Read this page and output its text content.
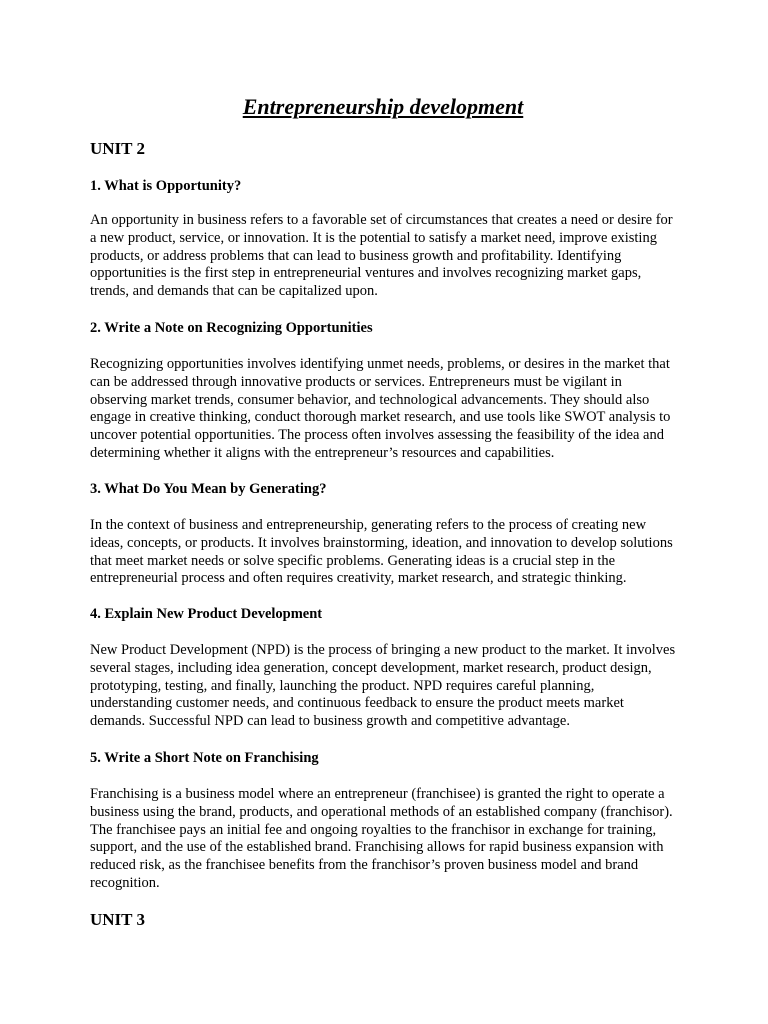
Entrepreneurship development
UNIT 2
1. What is Opportunity?

An opportunity in business refers to a favorable set of circumstances that creates a need or desire for a new product, service, or innovation. It is the potential to satisfy a market need, improve existing products, or address problems that can lead to business growth and profitability. Identifying opportunities is the first step in entrepreneurial ventures and involves recognizing market gaps, trends, and demands that can be capitalized upon.

2. Write a Note on Recognizing Opportunities

Recognizing opportunities involves identifying unmet needs, problems, or desires in the market that can be addressed through innovative products or services. Entrepreneurs must be vigilant in observing market trends, consumer behavior, and technological advancements. They should also engage in creative thinking, conduct thorough market research, and use tools like SWOT analysis to uncover potential opportunities. The process often involves assessing the feasibility of the idea and determining whether it aligns with the entrepreneur’s resources and capabilities.

3. What Do You Mean by Generating?

In the context of business and entrepreneurship, generating refers to the process of creating new ideas, concepts, or products. It involves brainstorming, ideation, and innovation to develop solutions that meet market needs or solve specific problems. Generating ideas is a crucial step in the entrepreneurial process and often requires creativity, market research, and strategic thinking.

4. Explain New Product Development

New Product Development (NPD) is the process of bringing a new product to the market. It involves several stages, including idea generation, concept development, market research, product design, prototyping, testing, and finally, launching the product. NPD requires careful planning, understanding customer needs, and continuous feedback to ensure the product meets market demands. Successful NPD can lead to business growth and competitive advantage.

5. Write a Short Note on Franchising

Franchising is a business model where an entrepreneur (franchisee) is granted the right to operate a business using the brand, products, and operational methods of an established company (franchisor). The franchisee pays an initial fee and ongoing royalties to the franchisor in exchange for training, support, and the use of the established brand. Franchising allows for rapid business expansion with reduced risk, as the franchisee benefits from the franchisor’s proven business model and brand recognition.

UNIT 3
